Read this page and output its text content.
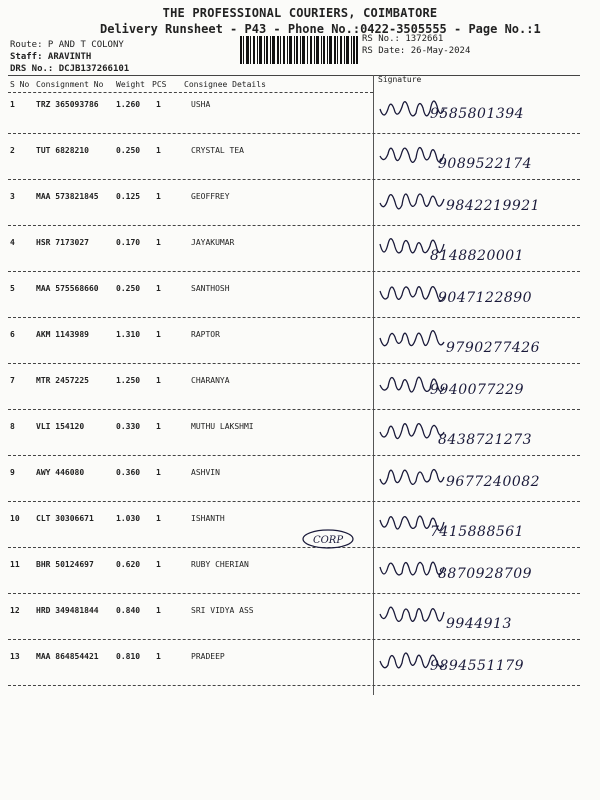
THE PROFESSIONAL COURIERS, COIMBATORE
Delivery Runsheet - P43 - Phone No.:0422-3505555 - Page No.:1
Route: P AND T COLONY
Staff: ARAVINTH
DRS No.: DCJB137266101
RS No.: 1372661
RS Date: 26-May-2024
S No Consignment No Weight PCS Consignee Details
Signature
1	TRZ 365093786 1.260 1	USHA
9585801394
2	TUT 6828210	0.250 1	CRYSTAL TEA
9089522174
3	MAA 573821845 0.125 1	GEOFFREY
9842219921
4	HSR 7173027	0.170 1	JAYAKUMAR
8148820001
5	MAA 575568660 0.250 1	SANTHOSH
9047122890
6	AKM 1143989	1.310 1	RAPTOR
9790277426
7	MTR 2457225	1.250 1	CHARANYA
9940077229
8	VLI 154120	0.330 1	MUTHU LAKSHMI
8438721273
9	AWY 446080	0.360 1	ASHVIN
9677240082
10 CLT 30306671	1.030 1	ISHANTH
7415888561
11 BHR 50124697	0.620 1	RUBY CHERIAN
8870928709
12 HRD 349481844 0.840 1	SRI VIDYA ASS
9944913
13 MAA 864854421 0.810 1	PRADEEP
9894551179
CORP
